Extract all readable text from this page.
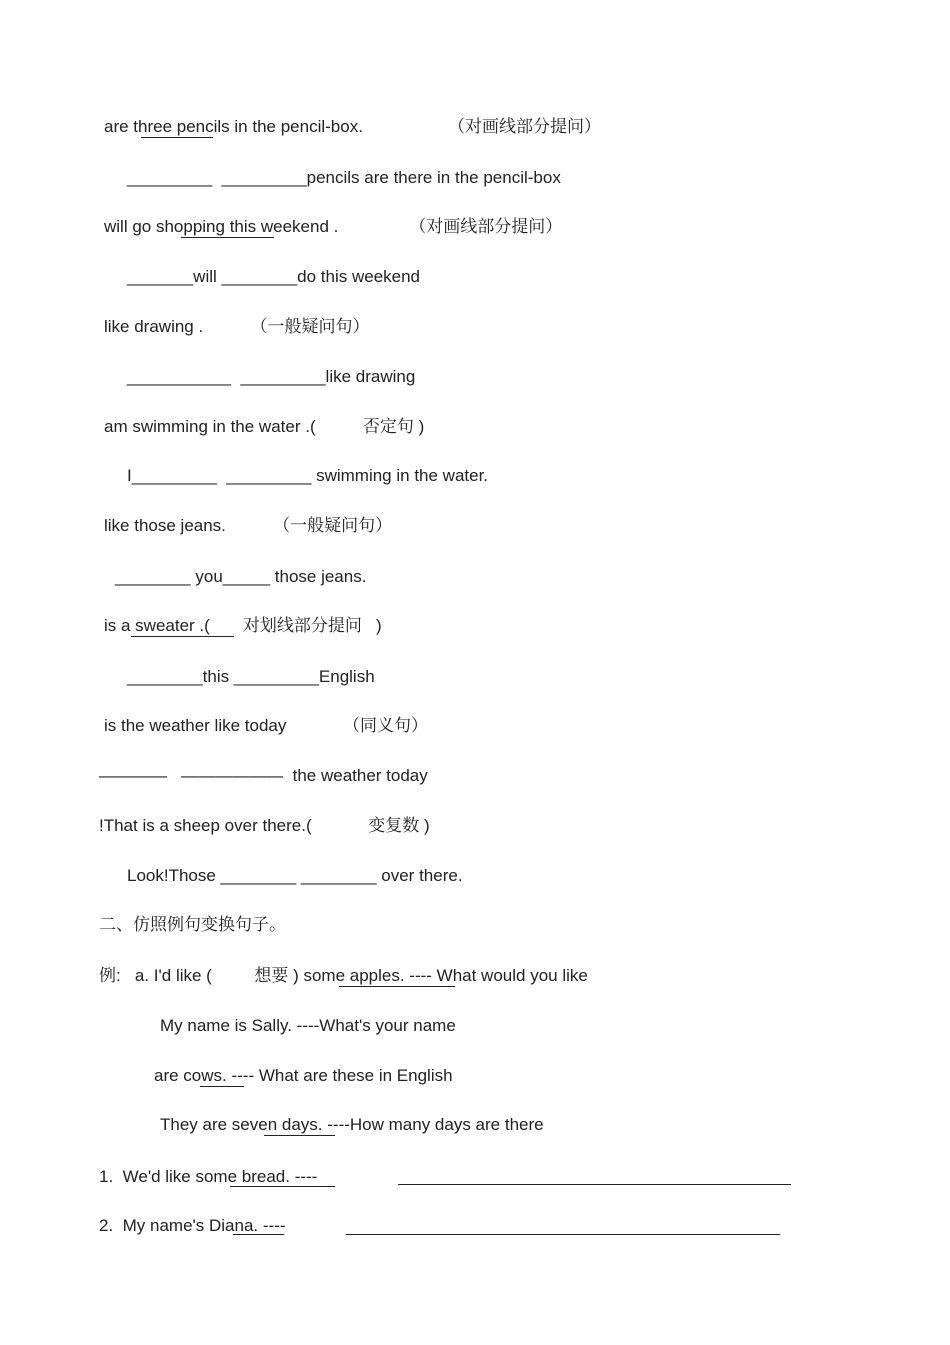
are three pencils in the pencil-box.                  （对画线部分提问）
_________  _________pencils are there in the pencil-box
will go shopping this weekend .               （对画线部分提问）
_______will ________do this weekend
like drawing .          （一般疑问句）
___________  _________like drawing
am swimming in the water .(          否定句 )
I_________  _________ swimming in the water.
like those jeans.          （一般疑问句）
________ you_____ those jeans.
is a sweater .(       对划线部分提问   )
________this _________English
is the weather like today            （同义句）
————   ——————  the weather today
!That is a sheep over there.(            变复数 )
Look!Those ________ ________ over there.
二、仿照例句变换句子。
例:   a. I'd like (         想要 ) some apples. ---- What would you like
My name is Sally. ----What's your name
are cows. ---- What are these in English
They are seven days. ----How many days are there
1.  We'd like some bread. ----
2.  My name's Diana. ----
